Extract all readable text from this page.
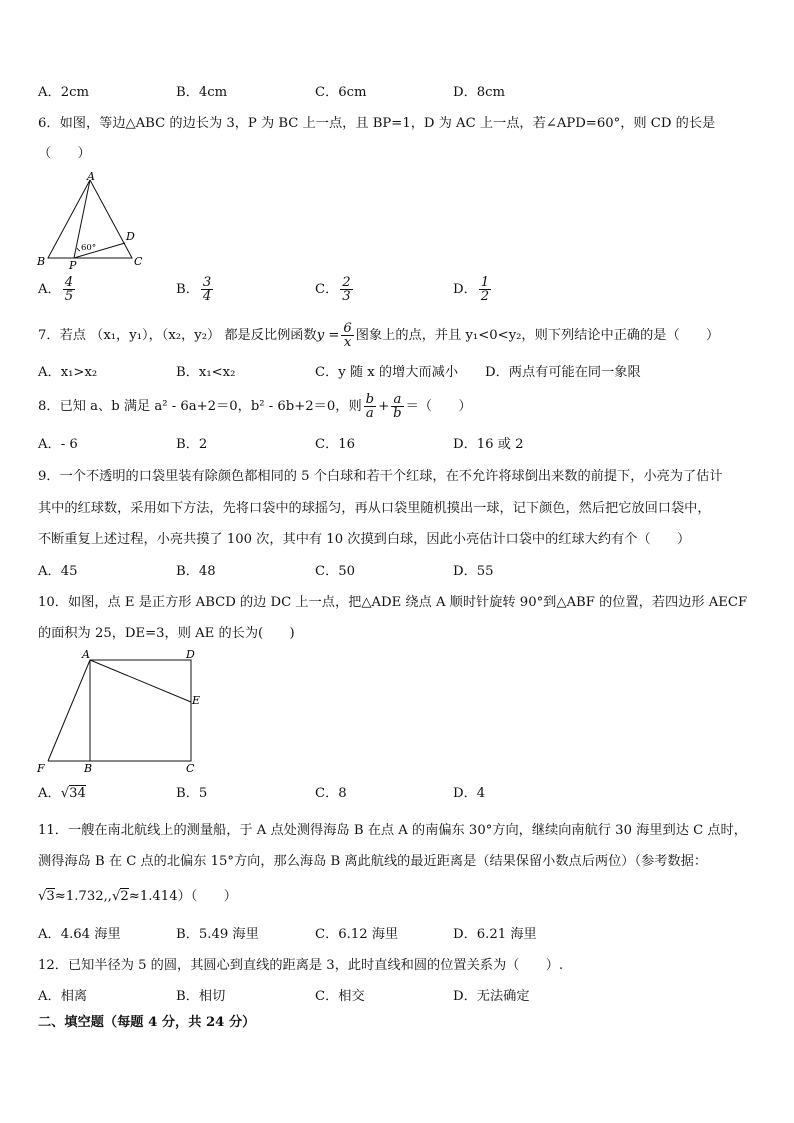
A．2cm	B．4cm	C．6cm	D．8cm
6．如图，等边△ABC 的边长为 3，P 为 BC 上一点，且 BP=1，D 为 AC 上一点，若∠APD=60°，则 CD 的长是
（　　）
A
B	C
D
P
60°
A． $\frac{4}{5}$	B． $\frac{3}{4}$	C． $\frac{2}{3}$	D． $\frac{1}{2}$
7．若点 （x₁，y₁），（x₂，y₂） 都是反比例函数$y = \frac{6}{x}$ 图象上的点，并且 y₁<0<y₂，则下列结论中正确的是（　　）
A．x₁>x₂	B．x₁<x₂	C．y 随 x 的增大而减小 D．两点有可能在同一象限
8．已知 a、b 满足 a² - 6a+2＝0，b² - 6b+2＝0，则 $\frac{b}{a} + \frac{a}{b}$ ＝（　　）
A．- 6	B．2	C．16	D．16 或 2
9．一个不透明的口袋里装有除颜色都相同的 5 个白球和若干个红球，在不允许将球倒出来数的前提下，小亮为了估计
其中的红球数，采用如下方法，先将口袋中的球摇匀，再从口袋里随机摸出一球，记下颜色，然后把它放回口袋中，
不断重复上述过程，小亮共摸了 100 次，其中有 10 次摸到白球，因此小亮估计口袋中的红球大约有个（　　）
A．45	B．48	C．50	D．55
10．如图，点 E 是正方形 ABCD 的边 DC 上一点，把△ADE 绕点 A 顺时针旋转 90°到△ABF 的位置，若四边形 AECF
的面积为 25，DE=3，则 AE 的长为(　　)
A	D
E
F	B	C
A．√34	B．5	C．8	D．4
11．一艘在南北航线上的测量船，于 A 点处测得海岛 B 在点 A 的南偏东 30°方向，继续向南航行 30 海里到达 C 点时，
测得海岛 B 在 C 点的北偏东 15°方向，那么海岛 B 离此航线的最近距离是（结果保留小数点后两位）（参考数据：
√3≈1.732,,√2≈1.414）（　　）
A．4.64 海里	B．5.49 海里	C．6.12 海里	D．6.21 海里
12．已知半径为 5 的圆，其圆心到直线的距离是 3，此时直线和圆的位置关系为（　　）.
A．相离	B．相切	C．相交	D．无法确定
二、填空题（每题 4 分，共 24 分）
